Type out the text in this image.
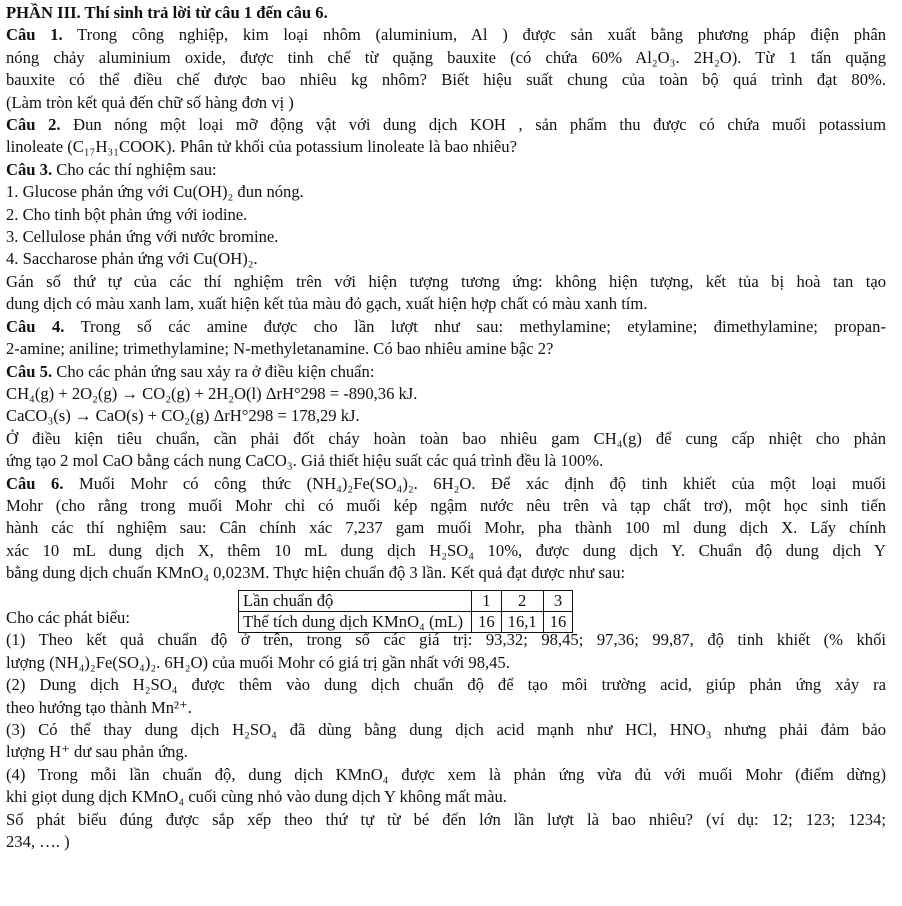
PHẦN III. Thí sinh trả lời từ câu 1 đến câu 6.
Câu 1. Trong công nghiệp, kim loại nhôm (aluminium, Al ) được sản xuất bằng phương pháp điện phân
nóng chảy aluminium oxide, được tinh chế từ quặng bauxite (có chứa 60% Al₂O₃. 2H₂O). Từ 1 tấn quặng
bauxite có thể điều chế được bao nhiêu kg nhôm? Biết hiệu suất chung của toàn bộ quá trình đạt 80%.
(Làm tròn kết quả đến chữ số hàng đơn vị )
Câu 2. Đun nóng một loại mỡ động vật với dung dịch KOH , sản phẩm thu được có chứa muối potassium
linoleate (C₁₇H₃₁COOK). Phân tử khối của potassium linoleate là bao nhiêu?
Câu 3. Cho các thí nghiệm sau:
1. Glucose phản ứng với Cu(OH)₂ đun nóng.
2. Cho tinh bột phản ứng với iodine.
3. Cellulose phản ứng với nước bromine.
4. Saccharose phản ứng với Cu(OH)₂.
Gán số thứ tự của các thí nghiệm trên với hiện tượng tương ứng: không hiện tượng, kết tủa bị hoà tan tạo
dung dịch có màu xanh lam, xuất hiện kết tủa màu đỏ gạch, xuất hiện hợp chất có màu xanh tím.
Câu 4. Trong số các amine được cho lần lượt như sau: methylamine; etylamine; đimethylamine; propan-
2-amine; aniline; trimethylamine; N-methyletanamine. Có bao nhiêu amine bậc 2?
Câu 5. Cho các phản ứng sau xảy ra ở điều kiện chuẩn:
CH₄(g) + 2O₂(g) → CO₂(g) + 2H₂O(l) ΔrH°298 = -890,36 kJ.
CaCO₃(s) → CaO(s) + CO₂(g) ΔrH°298 = 178,29 kJ.
Ở điều kiện tiêu chuẩn, cần phải đốt cháy hoàn toàn bao nhiêu gam CH₄(g) để cung cấp nhiệt cho phản
ứng tạo 2 mol CaO bằng cách nung CaCO₃. Giả thiết hiệu suất các quá trình đều là 100%.
Câu 6. Muối Mohr có công thức (NH₄)₂Fe(SO₄)₂. 6H₂O. Để xác định độ tinh khiết của một loại muối
Mohr (cho rằng trong muối Mohr chỉ có muối kép ngậm nước nêu trên và tạp chất trơ), một học sinh tiến
hành các thí nghiệm sau: Cân chính xác 7,237 gam muối Mohr, pha thành 100 ml dung dịch X. Lấy chính
xác 10 mL dung dịch X, thêm 10 mL dung dịch H₂SO₄ 10%, được dung dịch Y. Chuẩn độ dung dịch Y
bằng dung dịch chuẩn KMnO₄ 0,023M. Thực hiện chuẩn độ 3 lần. Kết quả đạt được như sau:

Cho các phát biểu:
(1) Theo kết quả chuẩn độ ở trên, trong số các giá trị: 93,32; 98,45; 97,36; 99,87, độ tinh khiết (% khối
lượng (NH₄)₂Fe(SO₄)₂. 6H₂O) của muối Mohr có giá trị gần nhất với 98,45.
(2) Dung dịch H₂SO₄ được thêm vào dung dịch chuẩn độ để tạo môi trường acid, giúp phản ứng xảy ra
theo hướng tạo thành Mn²⁺.
(3) Có thể thay dung dịch H₂SO₄ đã dùng bằng dung dịch acid mạnh như HCl, HNO₃ nhưng phải đảm bảo
lượng H⁺ dư sau phản ứng.
(4) Trong mỗi lần chuẩn độ, dung dịch KMnO₄ được xem là phản ứng vừa đủ với muối Mohr (điểm dừng)
khi giọt dung dịch KMnO₄ cuối cùng nhỏ vào dung dịch Y không mất màu.
Số phát biểu đúng được sắp xếp theo thứ tự từ bé đến lớn lần lượt là bao nhiêu? (ví dụ: 12; 123; 1234;
234, …. )
Lần chuẩn độ	1	2	3
Thể tích dung dịch KMnO₄ (mL)	16	16,1	16
